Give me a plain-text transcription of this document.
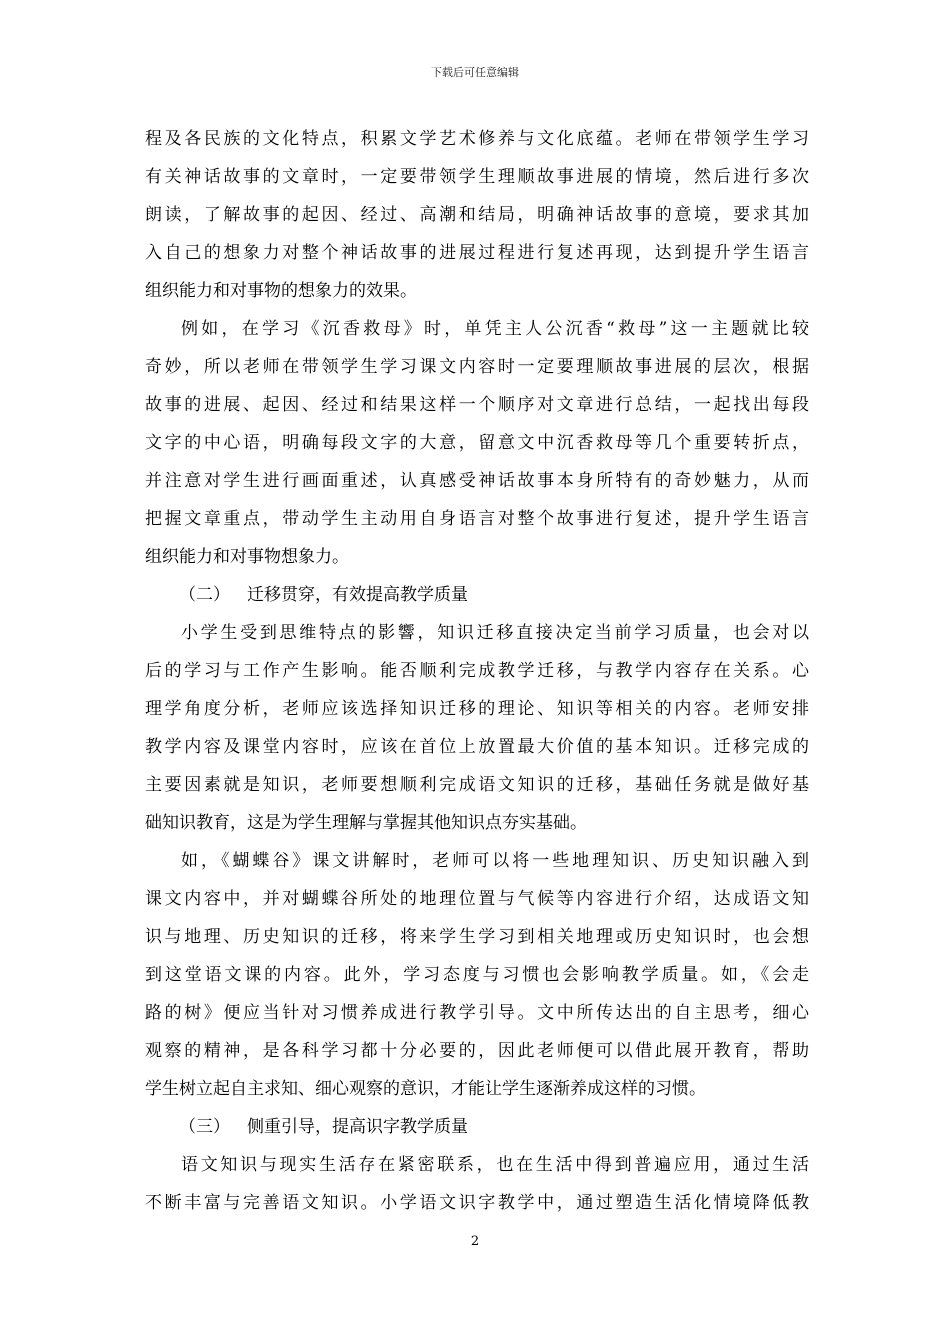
下载后可任意编辑
程及各民族的文化特点，积累文学艺术修养与文化底蕴。老师在带领学生学习
有关神话故事的文章时，一定要带领学生理顺故事进展的情境，然后进行多次
朗读，了解故事的起因、经过、高潮和结局，明确神话故事的意境，要求其加
入自己的想象力对整个神话故事的进展过程进行复述再现，达到提升学生语言
组织能力和对事物的想象力的效果。
例如，在学习《沉香救母》时，单凭主人公沉香“救母”这一主题就比较
奇妙，所以老师在带领学生学习课文内容时一定要理顺故事进展的层次，根据
故事的进展、起因、经过和结果这样一个顺序对文章进行总结，一起找出每段
文字的中心语，明确每段文字的大意，留意文中沉香救母等几个重要转折点，
并注意对学生进行画面重述，认真感受神话故事本身所特有的奇妙魅力，从而
把握文章重点，带动学生主动用自身语言对整个故事进行复述，提升学生语言
组织能力和对事物想象力。
（二） 迁移贯穿，有效提高教学质量
小学生受到思维特点的影響，知识迁移直接决定当前学习质量，也会对以
后的学习与工作产生影响。能否顺利完成教学迁移，与教学内容存在关系。心
理学角度分析，老师应该选择知识迁移的理论、知识等相关的内容。老师安排
教学内容及课堂内容时，应该在首位上放置最大价值的基本知识。迁移完成的
主要因素就是知识，老师要想顺利完成语文知识的迁移，基础任务就是做好基
础知识教育，这是为学生理解与掌握其他知识点夯实基础。
如，《蝴蝶谷》课文讲解时，老师可以将一些地理知识、历史知识融入到
课文内容中，并对蝴蝶谷所处的地理位置与气候等内容进行介绍，达成语文知
识与地理、历史知识的迁移，将来学生学习到相关地理或历史知识时，也会想
到这堂语文课的内容。此外，学习态度与习惯也会影响教学质量。如，《会走
路的树》便应当针对习惯养成进行教学引导。文中所传达出的自主思考，细心
观察的精神，是各科学习都十分必要的，因此老师便可以借此展开教育，帮助
学生树立起自主求知、细心观察的意识，才能让学生逐渐养成这样的习惯。
（三） 侧重引导，提高识字教学质量
语文知识与现实生活存在紧密联系，也在生活中得到普遍应用，通过生活
不断丰富与完善语文知识。小学语文识字教学中，通过塑造生活化情境降低教
2
